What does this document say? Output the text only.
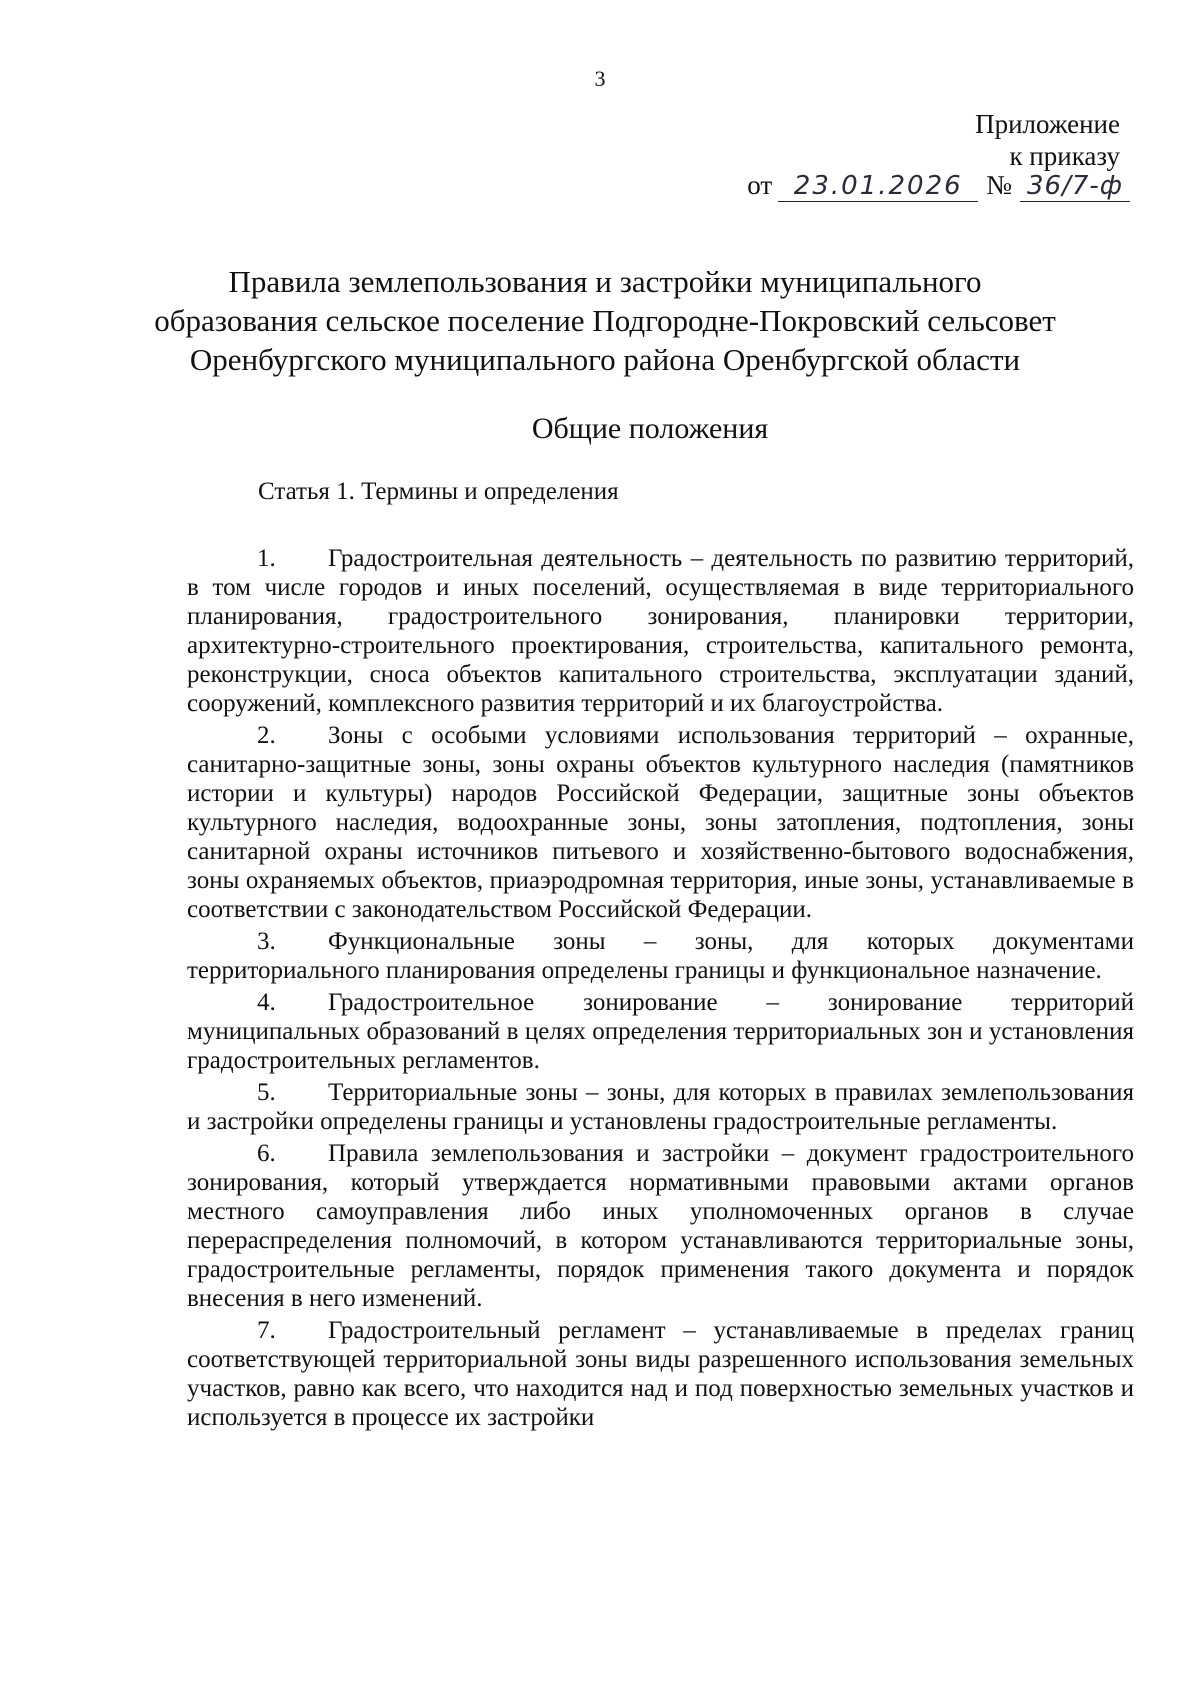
3
Приложение
к приказу
от 23.01.2026 № 36/7-ф
Правила землепользования и застройки муниципального образования сельское поселение Подгородне-Покровский сельсовет Оренбургского муниципального района Оренбургской области
Общие положения
Статья 1. Термины и определения

1. Градостроительная деятельность – деятельность по развитию территорий, в том числе городов и иных поселений, осуществляемая в виде территориального планирования, градостроительного зонирования, планировки территории, архитектурно-строительного проектирования, строительства, капитального ремонта, реконструкции, сноса объектов капитального строительства, эксплуатации зданий, сооружений, комплексного развития территорий и их благоустройства.

2. Зоны с особыми условиями использования территорий – охранные, санитарно-защитные зоны, зоны охраны объектов культурного наследия (памятников истории и культуры) народов Российской Федерации, защитные зоны объектов культурного наследия, водоохранные зоны, зоны затопления, подтопления, зоны санитарной охраны источников питьевого и хозяйственно-бытового водоснабжения, зоны охраняемых объектов, приаэродромная территория, иные зоны, устанавливаемые в соответствии с законодательством Российской Федерации.

3. Функциональные зоны – зоны, для которых документами территориального планирования определены границы и функциональное назначение.

4. Градостроительное зонирование – зонирование территорий муниципальных образований в целях определения территориальных зон и установления градостроительных регламентов.

5. Территориальные зоны – зоны, для которых в правилах землепользования и застройки определены границы и установлены градостроительные регламенты.

6. Правила землепользования и застройки – документ градостроительного зонирования, который утверждается нормативными правовыми актами органов местного самоуправления либо иных уполномоченных органов в случае перераспределения полномочий, в котором устанавливаются территориальные зоны, градостроительные регламенты, порядок применения такого документа и порядок внесения в него изменений.

7. Градостроительный регламент – устанавливаемые в пределах границ соответствующей территориальной зоны виды разрешенного использования земельных участков, равно как всего, что находится над и под поверхностью земельных участков и используется в процессе их застройки
